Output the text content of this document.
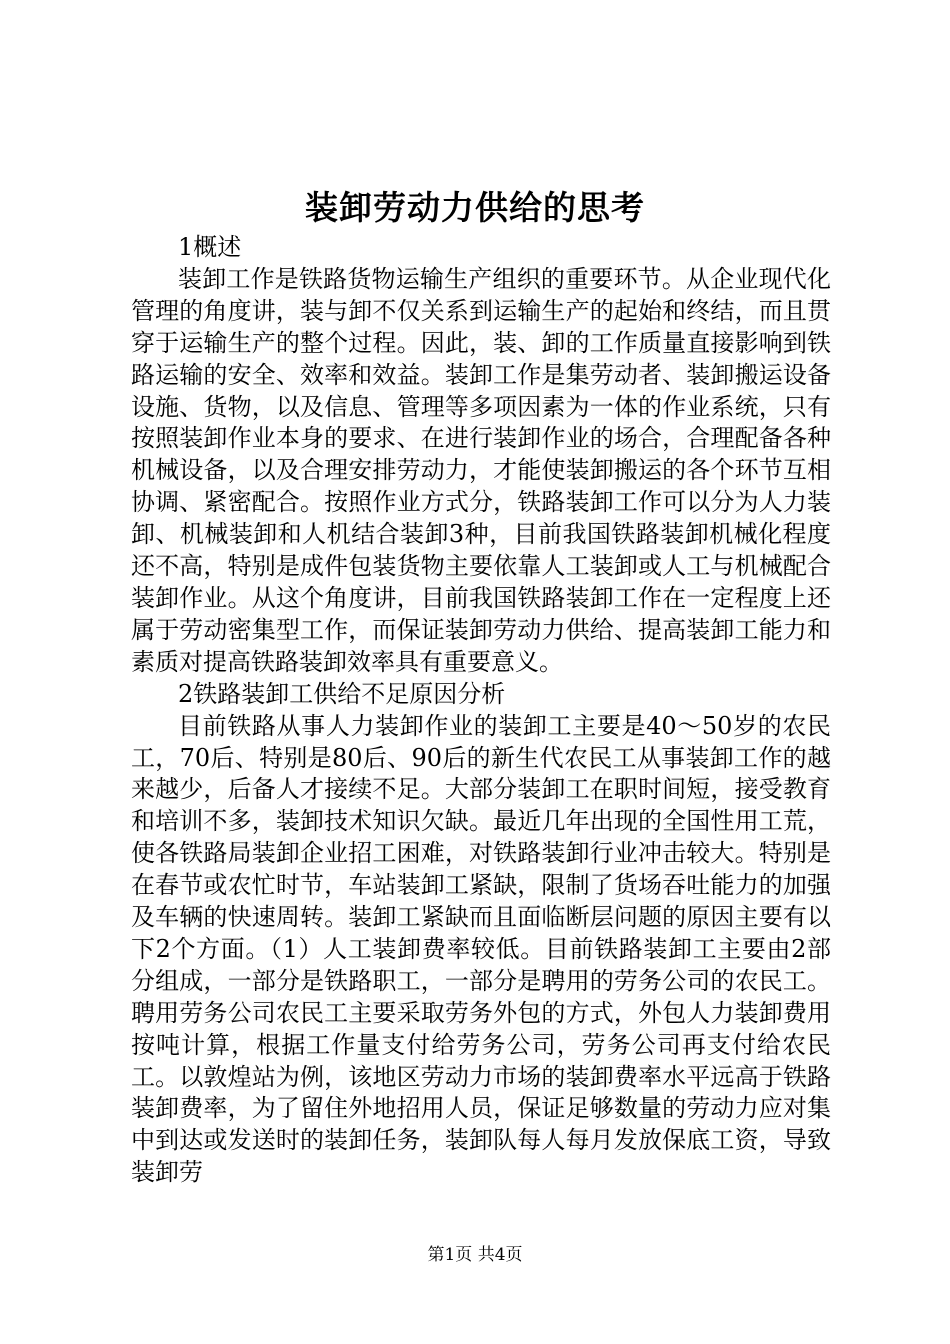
装卸劳动力供给的思考

1概述

装卸工作是铁路货物运输生产组织的重要环节。从企业现代化管理的角度讲，装与卸不仅关系到运输生产的起始和终结，而且贯穿于运输生产的整个过程。因此，装、卸的工作质量直接影响到铁路运输的安全、效率和效益。装卸工作是集劳动者、装卸搬运设备设施、货物，以及信息、管理等多项因素为一体的作业系统，只有按照装卸作业本身的要求、在进行装卸作业的场合，合理配备各种机械设备，以及合理安排劳动力，才能使装卸搬运的各个环节互相协调、紧密配合。按照作业方式分，铁路装卸工作可以分为人力装卸、机械装卸和人机结合装卸3种，目前我国铁路装卸机械化程度还不高，特别是成件包装货物主要依靠人工装卸或人工与机械配合装卸作业。从这个角度讲，目前我国铁路装卸工作在一定程度上还属于劳动密集型工作，而保证装卸劳动力供给、提高装卸工能力和素质对提高铁路装卸效率具有重要意义。

2铁路装卸工供给不足原因分析

目前铁路从事人力装卸作业的装卸工主要是40～50岁的农民工，70后、特别是80后、90后的新生代农民工从事装卸工作的越来越少，后备人才接续不足。大部分装卸工在职时间短，接受教育和培训不多，装卸技术知识欠缺。最近几年出现的全国性用工荒，使各铁路局装卸企业招工困难，对铁路装卸行业冲击较大。特别是在春节或农忙时节，车站装卸工紧缺，限制了货场吞吐能力的加强及车辆的快速周转。装卸工紧缺而且面临断层问题的原因主要有以下2个方面。（1）人工装卸费率较低。目前铁路装卸工主要由2部分组成，一部分是铁路职工，一部分是聘用的劳务公司的农民工。聘用劳务公司农民工主要采取劳务外包的方式，外包人力装卸费用按吨计算，根据工作量支付给劳务公司，劳务公司再支付给农民工。以敦煌站为例，该地区劳动力市场的装卸费率水平远高于铁路装卸费率，为了留住外地招用人员，保证足够数量的劳动力应对集中到达或发送时的装卸任务，装卸队每人每月发放保底工资，导致装卸劳

第1页 共4页
